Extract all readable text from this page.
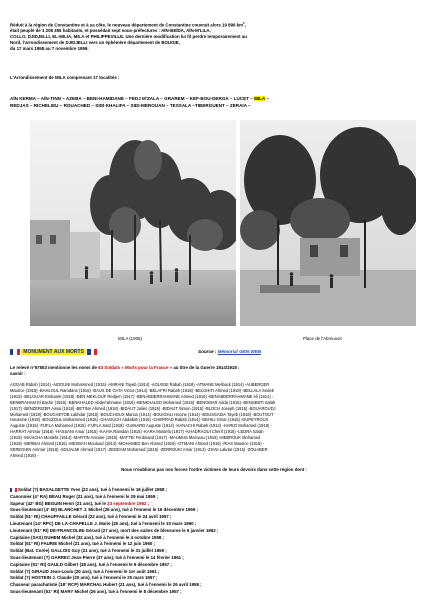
Réduit à la région de Constantine et à sa côte, le nouveau département de Constantine couvrait alors 19 899 $km^2$,
était peuplé de 1 208 355 habitants, et possédait sept sous-préfectures : AÏN-BEÏDA, AÏN-M'LILA,
COLLO, DJIDJELLI, EL-MILIA, MILA et PHILIPPEVILLE. Une dernière modification lui fit perdre temporairement au
Nord, l'arrondissement de DJIDJELLI vers un éphémère département de BOUGIE,
du 17 mars 1958 au 7 novembre 1959.
L'Arrondissement de MILA comprenant 17 localités :
AÏN KERMA – AÏN-TINN – AZEBA – BENI-HAMIDANE – FEDJ M'ZALA – GRAREM – KEF-BOU-DERGA – LUCET – MILA –
REDJAS – RICHELIEU – ROUACHED – SIDI-KHALIFA – SIDI-MEROUAN – TESSALA –TIBERGUENT – ZERAIA –
MILA (1906)	Place de l'Abreuvoir
MONUMENT AUX MORTS	Source : Mémorial GEN WEB
Le relevé n°57553 mentionne les noms de 63 Soldats « Morts pour la France » au titre de la Guerre 1914/1918 ;
savoir :
AGGAB Rabah (1914) -AIDOUNI Mohammed (1915) -AMRANI Tayeb (1914) -AOUISSI Rabah (1918) -ATMANE Merback (1914) -AUBERGER
Maurice (1918) -BAHLOUL Ramdane (1916) -BAUX DE GATA Victor (1914) -BELAFRI Rabah (1918) -BELGHITI Ahmed (1918) -BELLALA Sedek
(1915) -BELOUAR Embarek (1918) -BEN MEKLOUF Redjem (1917) -BENABDERRAHMANE Ahmed (1916) -BENABDERRAHMANE Ali (1914) -
BENBRAHAM El Bachir (1915) -BENKHALED Abderrahmane (1916) -BENKHALED Mohamed (1916) -BENOMAR Adda (1915) -BENSEBTI Salah
(1917) -BENZERIZER Aissa (1918) -BETINA Ahmed (1918) -BIDAUT Julien (1915) -BIDAUT Simon (1915) -BLOCH Joseph (1915) -BOUAROUDJ
Mohamed (1918) -BOUCHETOB Lakhdar (1918) -BOUCHOUX Marius (1914) -BOUIGHLI Hocine (1914) -BOUSSADIA Tayeb (1918) -BOUTOUT
Houssine (1918) -BOUZOUL Mohammed (1916) -CHAOUCH Abdallah (1916) -CHERRAD Rabah (1914) -DEHILI Omar (1915) -DUPEYROUX
Auguste (1915) -FIJFLA Mohamed (1915) -FIJFLA Saïd (1918) -GUINARD Auguste (1914) -HANACHI Rabah (1914) -HARIZI Mohamed (1918) -
HARRAT Ammar (1916) -HASSANI Amar (1915) -KAHIA Ramdan (1915) -KARA Mostefa (1917) -KHADRAOUI Cherif (1918) -LEDRA Saïah
(1918) -MAAICHA Mostefa (1914) -MARTIN Antoine (1915) -MATTEI Ferdinand (1917) -MAUMUS Marceau (1916) -MEBROUK Mohamed
(1918) -MERBAI Ahmed (1915) -MESBAH Mouloud (1914) -MOHAMED Ben Ahmed (1916) -OTMANI Ahmed (1916) -RIAS Maurice (1916) -
SEREGHIN Ammar (1918) -SOUALMI Ahmed (1917) -ZEDDAM Mohamed (1916) -ZERROUKI Amar (1914) -ZIANI Lakdar (1916) -ZOUABER
Ahmed (1918) -
Nous n'oublions pas nos forces l'ordre victimes de leurs devoirs dans cette région dont :
Soldat (?) BASALGETTE Yves (22 ans), tué à l'ennemi le 16 juillet 1958 ;
Canonnier (4° RA) BEAU Roger (21 ans), tué à l'ennemi le 29 mai 1959 ;
Sapeur (42° BG) BEGUIN Henri (21 ans), tué le 23 septembre 1962 ;
Sous-lieutenant (4° BI) BLANCHET J. Michel (26 ans), tué à l'ennemi le 16 décembre 1959 ;
Soldat (51° RI) CHAUFFAILLE Gérard (22 ans), tué à l'ennemi le 24 avril 1957 ;
Lieutenant (14° RPC) DE LA-CHAPELLE J. Marie (25 ans), tué à l'ennemi le 10 mars 1960 ;
Lieutenant (51° RI) DE-FRANCOLINI Gérard (27 ans), mort des suites de blessures le 6 janvier 1962 ;
Capitaine (SAS) DUHEM Michel (32 ans), tué à l'ennemi le 4 octobre 1958 ;
Soldat (51° RI) FAURIE Michel (21 ans), tué à l'ennemi le 12 juin 1960 ;
Soldat (Bat. Corée) GALLOIS Guy (21 ans), tué à l'ennemi le 31 juillet 1959 ;
Sous-lieutenant (?) GARREC Jean-Pierre (37 ans), tué à l'ennemi le 14 février 1961 ;
Capitaine (51° RI) GAULD Gilbert (38 ans), tué à l'ennemi le 9 décembre 1957 ;
Soldat (?) GIRAUD Jean-Louis (20 ans), tué à l'ennemi le 1er août 1961 ;
Soldat (?) HOSTEIN J. Claude (20 ans), tué à l'ennemi le 25 mars 1957 ;
Chasseur parachutiste (18° RCP) MARCHAL Hubert (21 ans), tué à l'ennemi le 26 avril 1958 ;
Sous-lieutenant (51° RI) MARY Michel (26 ans), tué à l'ennemi le 8 décembre 1957 ;
